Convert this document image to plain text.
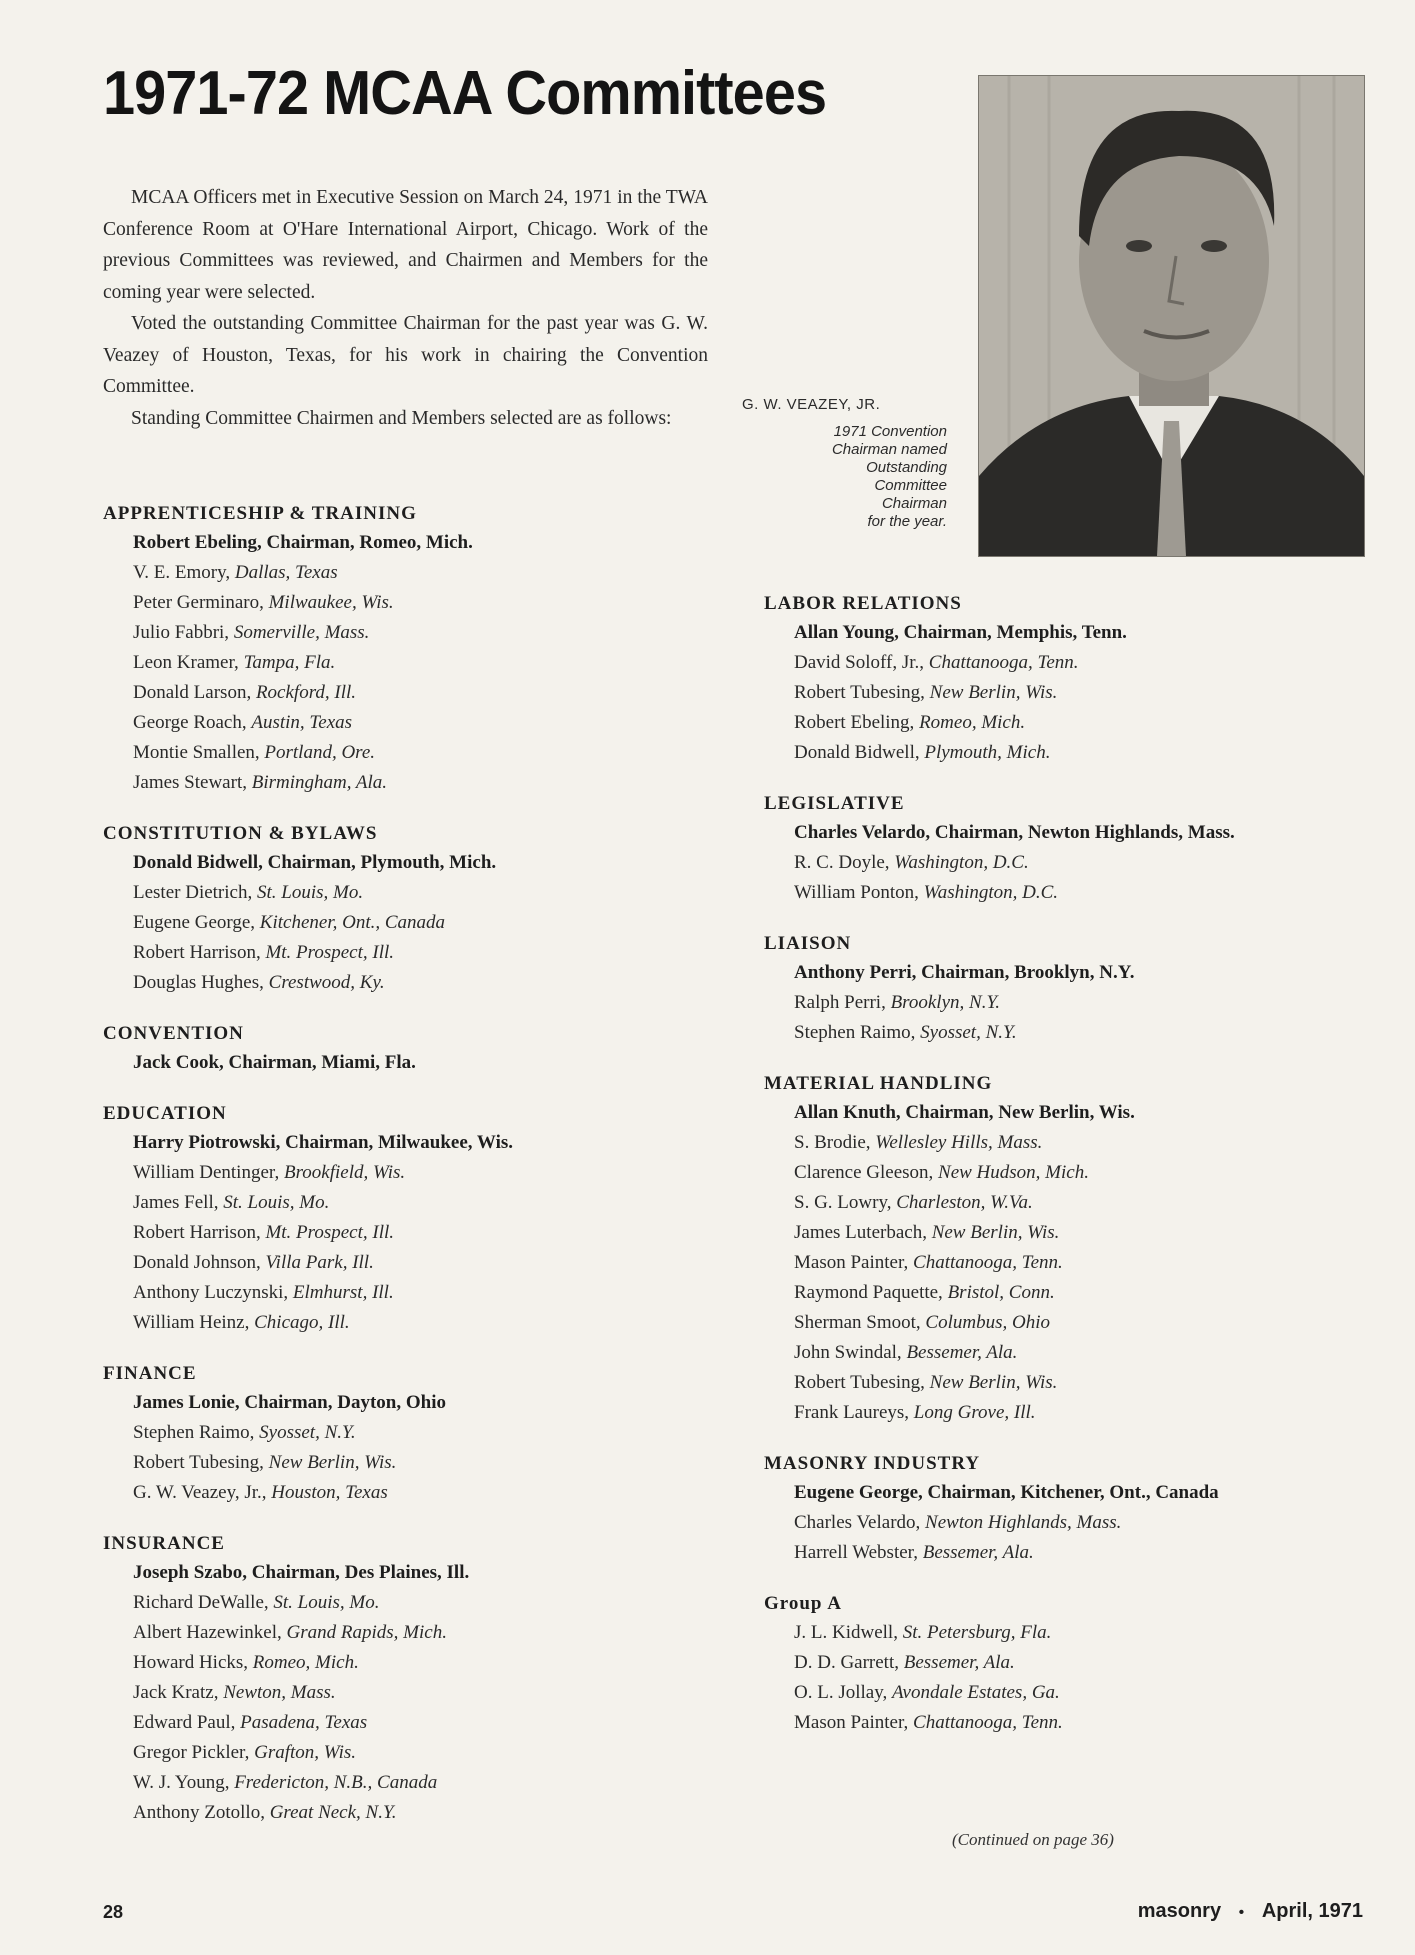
1971-72 MCAA Committees

MCAA Officers met in Executive Session on March 24, 1971 in the TWA Conference Room at O'Hare International Airport, Chicago. Work of the previous Committees was reviewed, and Chairmen and Members for the coming year were selected.

Voted the outstanding Committee Chairman for the past year was G. W. Veazey of Houston, Texas, for his work in chairing the Convention Committee.

Standing Committee Chairmen and Members selected are as follows:

G. W. VEAZEY, JR.

1971 Convention
Chairman named
Outstanding
Committee
Chairman
for the year.

APPRENTICESHIP & TRAINING

Robert Ebeling, Chairman, Romeo, Mich.

V. E. Emory, Dallas, Texas

Peter Germinaro, Milwaukee, Wis.

Julio Fabbri, Somerville, Mass.

Leon Kramer, Tampa, Fla.

Donald Larson, Rockford, Ill.

George Roach, Austin, Texas

Montie Smallen, Portland, Ore.

James Stewart, Birmingham, Ala.

CONSTITUTION & BYLAWS

Donald Bidwell, Chairman, Plymouth, Mich.

Lester Dietrich, St. Louis, Mo.

Eugene George, Kitchener, Ont., Canada

Robert Harrison, Mt. Prospect, Ill.

Douglas Hughes, Crestwood, Ky.

CONVENTION

Jack Cook, Chairman, Miami, Fla.

EDUCATION

Harry Piotrowski, Chairman, Milwaukee, Wis.

William Dentinger, Brookfield, Wis.

James Fell, St. Louis, Mo.

Robert Harrison, Mt. Prospect, Ill.

Donald Johnson, Villa Park, Ill.

Anthony Luczynski, Elmhurst, Ill.

William Heinz, Chicago, Ill.

FINANCE

James Lonie, Chairman, Dayton, Ohio

Stephen Raimo, Syosset, N.Y.

Robert Tubesing, New Berlin, Wis.

G. W. Veazey, Jr., Houston, Texas

INSURANCE

Joseph Szabo, Chairman, Des Plaines, Ill.

Richard DeWalle, St. Louis, Mo.

Albert Hazewinkel, Grand Rapids, Mich.

Howard Hicks, Romeo, Mich.

Jack Kratz, Newton, Mass.

Edward Paul, Pasadena, Texas

Gregor Pickler, Grafton, Wis.

W. J. Young, Fredericton, N.B., Canada

Anthony Zotollo, Great Neck, N.Y.

LABOR RELATIONS

Allan Young, Chairman, Memphis, Tenn.

David Soloff, Jr., Chattanooga, Tenn.

Robert Tubesing, New Berlin, Wis.

Robert Ebeling, Romeo, Mich.

Donald Bidwell, Plymouth, Mich.

LEGISLATIVE

Charles Velardo, Chairman, Newton Highlands, Mass.

R. C. Doyle, Washington, D.C.

William Ponton, Washington, D.C.

LIAISON

Anthony Perri, Chairman, Brooklyn, N.Y.

Ralph Perri, Brooklyn, N.Y.

Stephen Raimo, Syosset, N.Y.

MATERIAL HANDLING

Allan Knuth, Chairman, New Berlin, Wis.

S. Brodie, Wellesley Hills, Mass.

Clarence Gleeson, New Hudson, Mich.

S. G. Lowry, Charleston, W.Va.

James Luterbach, New Berlin, Wis.

Mason Painter, Chattanooga, Tenn.

Raymond Paquette, Bristol, Conn.

Sherman Smoot, Columbus, Ohio

John Swindal, Bessemer, Ala.

Robert Tubesing, New Berlin, Wis.

Frank Laureys, Long Grove, Ill.

MASONRY INDUSTRY

Eugene George, Chairman, Kitchener, Ont., Canada

Charles Velardo, Newton Highlands, Mass.

Harrell Webster, Bessemer, Ala.

Group A

J. L. Kidwell, St. Petersburg, Fla.

D. D. Garrett, Bessemer, Ala.

O. L. Jollay, Avondale Estates, Ga.

Mason Painter, Chattanooga, Tenn.

(Continued on page 36)
28	masonry • April, 1971
